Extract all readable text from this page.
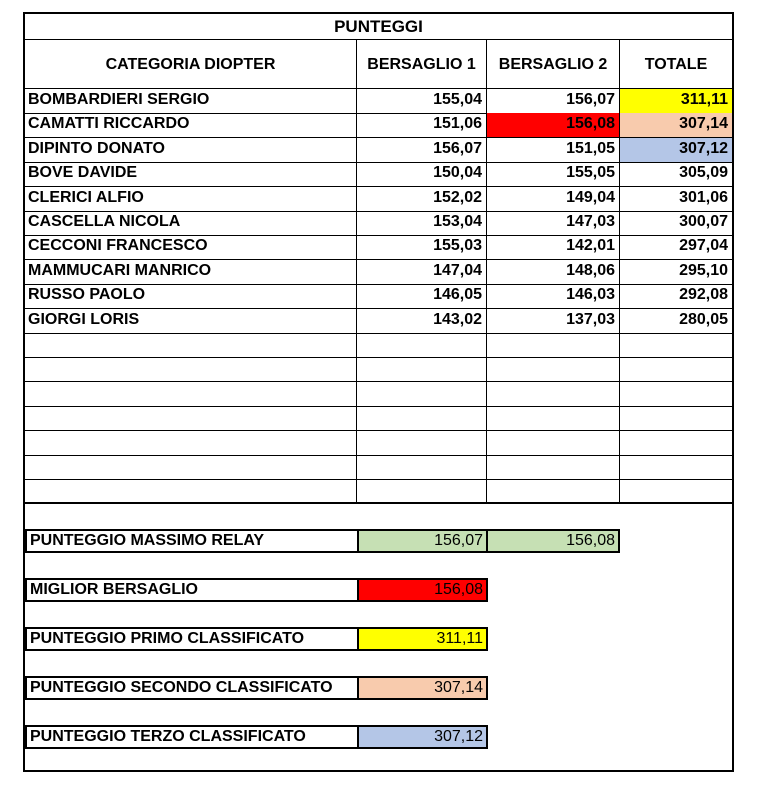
PUNTEGGI
CATEGORIA DIOPTER	BERSAGLIO 1	BERSAGLIO 2	TOTALE
BOMBARDIERI SERGIO	155,04	156,07	311,11
CAMATTI RICCARDO	151,06	156,08	307,14
DIPINTO DONATO	156,07	151,05	307,12
BOVE DAVIDE	150,04	155,05	305,09
CLERICI ALFIO	152,02	149,04	301,06
CASCELLA NICOLA	153,04	147,03	300,07
CECCONI FRANCESCO	155,03	142,01	297,04
MAMMUCARI MANRICO	147,04	148,06	295,10
RUSSO PAOLO	146,05	146,03	292,08
GIORGI LORIS	143,02	137,03	280,05
PUNTEGGIO MASSIMO RELAY	156,07	156,08
MIGLIOR BERSAGLIO	156,08
PUNTEGGIO PRIMO CLASSIFICATO	311,11
PUNTEGGIO SECONDO CLASSIFICATO	307,14
PUNTEGGIO TERZO CLASSIFICATO	307,12
